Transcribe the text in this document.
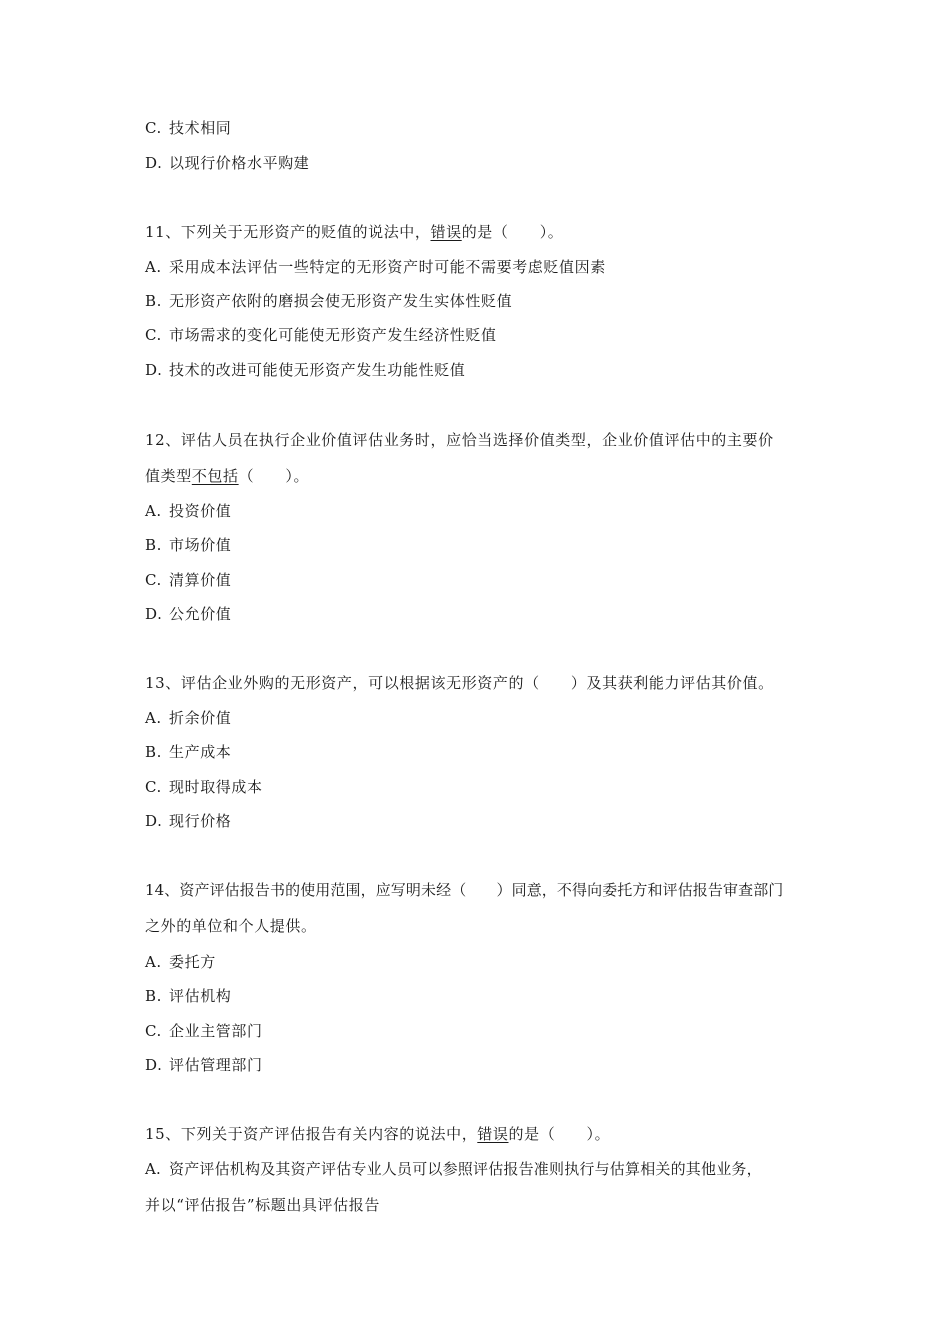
C. 技术相同
D. 以现行价格水平购建
11、下列关于无形资产的贬值的说法中，错误的是（　　）。
A. 采用成本法评估一些特定的无形资产时可能不需要考虑贬值因素
B. 无形资产依附的磨损会使无形资产发生实体性贬值
C. 市场需求的变化可能使无形资产发生经济性贬值
D. 技术的改进可能使无形资产发生功能性贬值
12、评估人员在执行企业价值评估业务时，应恰当选择价值类型，企业价值评估中的主要价
值类型不包括（　　）。
A. 投资价值
B. 市场价值
C. 清算价值
D. 公允价值
13、评估企业外购的无形资产，可以根据该无形资产的（　　）及其获利能力评估其价值。
A. 折余价值
B. 生产成本
C. 现时取得成本
D. 现行价格
14、资产评估报告书的使用范围，应写明未经（　　）同意，不得向委托方和评估报告审查部门
之外的单位和个人提供。
A. 委托方
B. 评估机构
C. 企业主管部门
D. 评估管理部门
15、下列关于资产评估报告有关内容的说法中，错误的是（　　）。
A. 资产评估机构及其资产评估专业人员可以参照评估报告准则执行与估算相关的其他业务，
并以“评估报告”标题出具评估报告
